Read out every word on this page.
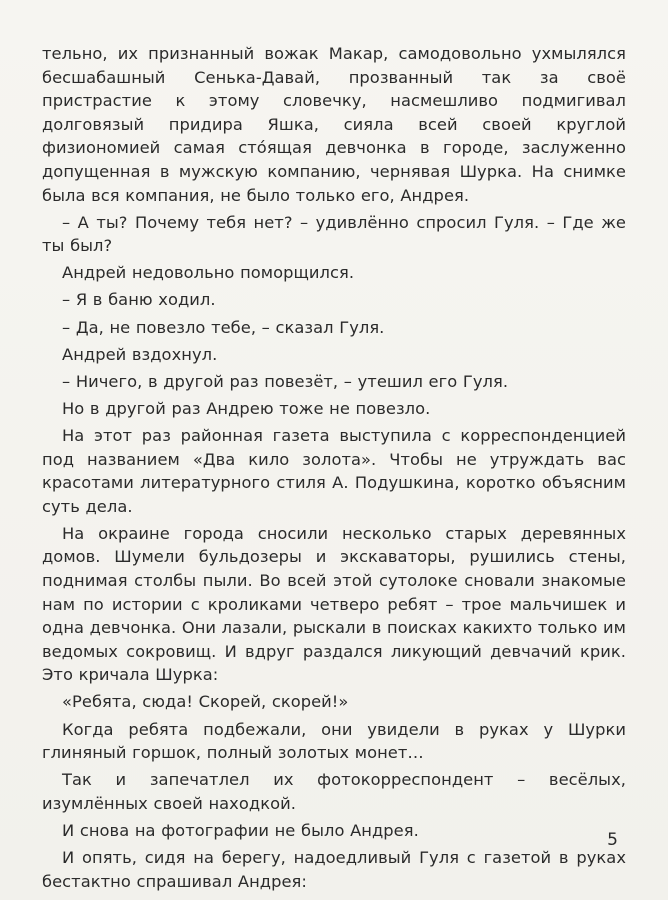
тельно, их признанный вожак Макар, самодовольно ухмылялся бесшабашный Сенька-Давай, прозванный так за своё пристрастие к этому словечку, насмешливо подмигивал долговязый придира Яшка, сияла всей своей круглой физиономией самая сто́ящая девчонка в городе, заслуженно допущенная в мужскую компанию, чернявая Шурка. На снимке была вся компания, не было только его, Андрея.

– А ты? Почему тебя нет? – удивлённо спросил Гуля. – Где же ты был?

Андрей недовольно поморщился.

– Я в баню ходил.

– Да, не повезло тебе, – сказал Гуля.

Андрей вздохнул.

– Ничего, в другой раз повезёт, – утешил его Гуля.

Но в другой раз Андрею тоже не повезло.

На этот раз районная газета выступила с корреспонденцией под названием «Два кило золота». Чтобы не утруждать вас красотами литературного стиля А. Подушкина, коротко объясним суть дела.

На окраине города сносили несколько старых деревянных домов. Шумели бульдозеры и экскаваторы, рушились стены, поднимая столбы пыли. Во всей этой сутолоке сновали знакомые нам по истории с кроликами четверо ребят – трое мальчишек и одна девчонка. Они лазали, рыскали в поисках какихто только им ведомых сокровищ. И вдруг раздался ликующий девчачий крик. Это кричала Шурка:

«Ребята, сюда! Скорей, скорей!»

Когда ребята подбежали, они увидели в руках у Шурки глиняный горшок, полный золотых монет…

Так и запечатлел их фотокорреспондент – весёлых, изумлённых своей находкой.

И снова на фотографии не было Андрея.

И опять, сидя на берегу, надоедливый Гуля с газетой в руках бестактно спрашивал Андрея:

5
